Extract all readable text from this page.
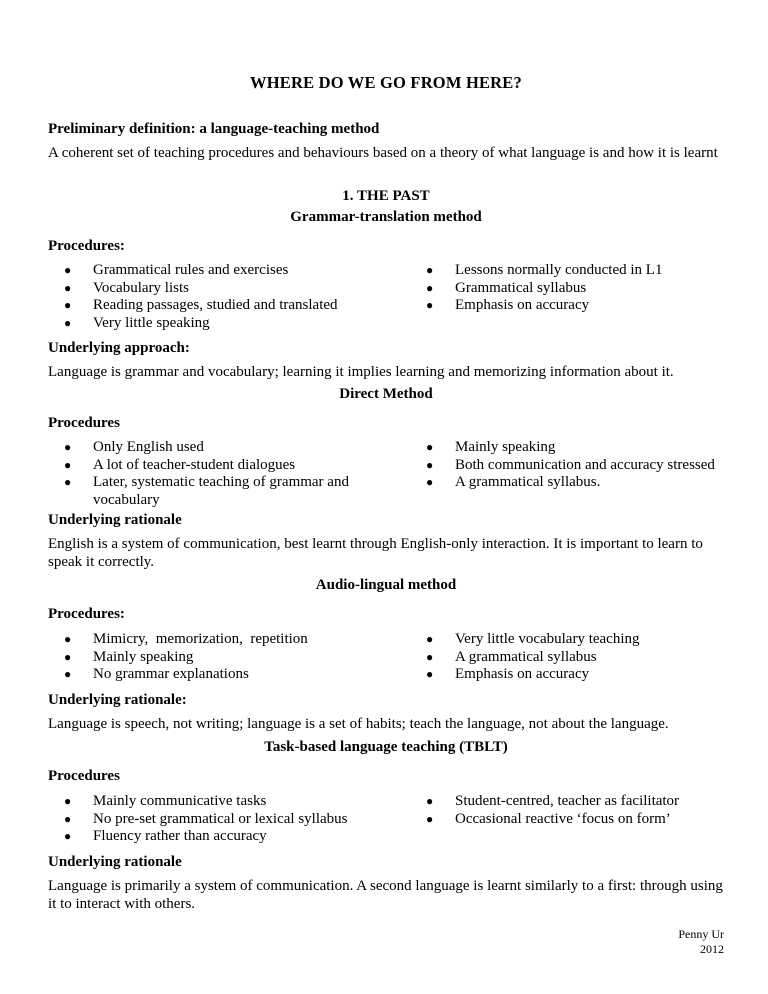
WHERE DO WE GO FROM HERE?
Preliminary definition: a language-teaching method
A coherent set of teaching procedures and behaviours based on a theory of what language is and how it is learnt
1. THE PAST
Grammar-translation method
Procedures:
● Grammatical rules and exercises
● Vocabulary lists
● Reading passages, studied and translated
● Very little speaking
● Lessons normally conducted in L1
● Grammatical syllabus
● Emphasis on accuracy
Underlying approach:
Language is grammar and vocabulary; learning it implies learning and memorizing information about it.
Direct Method
Procedures
● Only English used
● A lot of teacher-student dialogues
● Later, systematic teaching of grammar and vocabulary
● Mainly speaking
● Both communication and accuracy stressed
● A grammatical syllabus.
Underlying rationale
English is a system of communication, best learnt through English-only interaction. It is important to learn to speak it correctly.
Audio-lingual method
Procedures:
● Mimicry,  memorization,  repetition
● Mainly speaking
● No grammar explanations
● Very little vocabulary teaching
● A grammatical syllabus
● Emphasis on accuracy
Underlying rationale:
Language is speech, not writing; language is a set of habits; teach the language, not about the language.
Task-based language teaching (TBLT)
Procedures
● Mainly communicative tasks
● No pre-set grammatical or lexical syllabus
● Fluency rather than accuracy
● Student-centred, teacher as facilitator
● Occasional reactive ‘focus on form’
Underlying rationale
Language is primarily a system of communication. A second language is learnt similarly to a first: through using it to interact with others.
Penny Ur
2012
